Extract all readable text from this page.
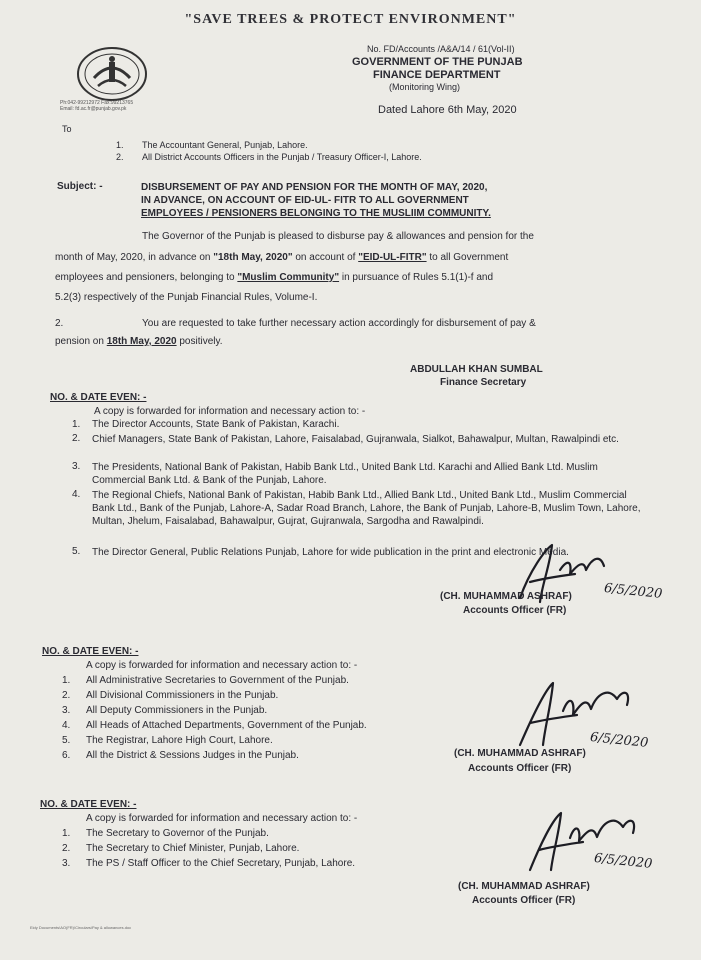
"SAVE TREES & PROTECT ENVIRONMENT"
Ph:042-99212972 Fax:99213765
Email: fd.ac.fr@punjab.gov.pk
No. FD/Accounts /A&A/14 / 61(Vol-II)
GOVERNMENT OF THE PUNJAB
FINANCE DEPARTMENT
(Monitoring Wing)
Dated Lahore 6th May, 2020
To
1. The Accountant General, Punjab, Lahore.
2. All District Accounts Officers in the Punjab / Treasury Officer-I, Lahore.
Subject: -	DISBURSEMENT OF PAY AND PENSION FOR THE MONTH OF MAY, 2020,
IN ADVANCE, ON ACCOUNT OF EID-UL- FITR TO ALL GOVERNMENT
EMPLOYEES / PENSIONERS BELONGING TO THE MUSLIIM COMMUNITY.
The Governor of the Punjab is pleased to disburse pay & allowances and pension for the
month of May, 2020, in advance on "18th May, 2020" on account of "EID-UL-FITR" to all Government
employees and pensioners, belonging to "Muslim Community" in pursuance of Rules 5.1(1)-f and
5.2(3) respectively of the Punjab Financial Rules, Volume-I.
2.	You are requested to take further necessary action accordingly for disbursement of pay &
pension on 18th May, 2020 positively.
ABDULLAH KHAN SUMBAL
Finance Secretary
NO. & DATE EVEN: -
A copy is forwarded for information and necessary action to: -
1. The Director Accounts, State Bank of Pakistan, Karachi.
2. Chief Managers, State Bank of Pakistan, Lahore, Faisalabad, Gujranwala, Sialkot, Bahawalpur, Multan, Rawalpindi etc.
3. The Presidents, National Bank of Pakistan, Habib Bank Ltd., United Bank Ltd. Karachi and Allied Bank Ltd. Muslim Commercial Bank Ltd. & Bank of the Punjab, Lahore.
4. The Regional Chiefs, National Bank of Pakistan, Habib Bank Ltd., Allied Bank Ltd., United Bank Ltd., Muslim Commercial Bank Ltd., Bank of the Punjab, Lahore-A, Sadar Road Branch, Lahore, the Bank of Punjab, Lahore-B, Muslim Town, Lahore, Multan, Jhelum, Faisalabad, Bahawalpur, Gujrat, Gujranwala, Sargodha and Rawalpindi.
5. The Director General, Public Relations Punjab, Lahore for wide publication in the print and electronic Media.
6/5/2020
(CH. MUHAMMAD ASHRAF)
Accounts Officer (FR)
NO. & DATE EVEN: -
A copy is forwarded for information and necessary action to: -
1. All Administrative Secretaries to Government of the Punjab.
2. All Divisional Commissioners in the Punjab.
3. All Deputy Commissioners in the Punjab.
4. All Heads of Attached Departments, Government of the Punjab.
5. The Registrar, Lahore High Court, Lahore.
6. All the District & Sessions Judges in the Punjab.
6/5/2020
(CH. MUHAMMAD ASHRAF)
Accounts Officer (FR)
NO. & DATE EVEN: -
A copy is forwarded for information and necessary action to: -
1. The Secretary to Governor of the Punjab.
2. The Secretary to Chief Minister, Punjab, Lahore.
3. The PS / Staff Officer to the Chief Secretary, Punjab, Lahore.	6/5/2020
(CH. MUHAMMAD ASHRAF)
Accounts Officer (FR)
Eidy Documents\AO(FR)\Circulars\Pay & allowances.doc
